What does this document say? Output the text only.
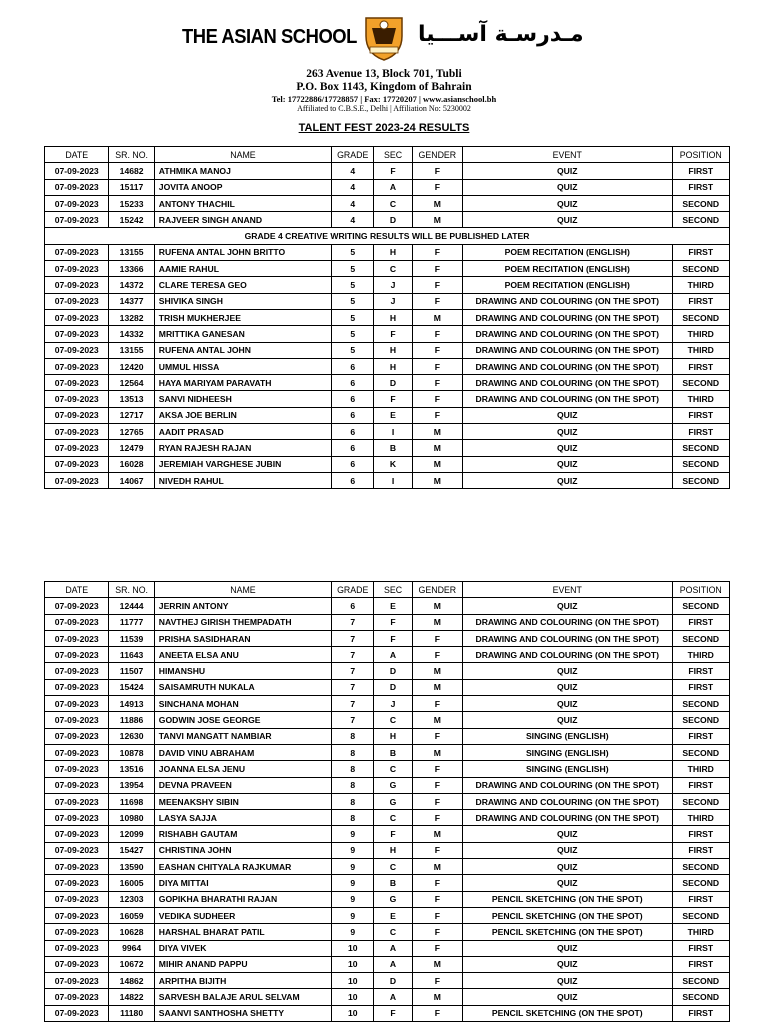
THE ASIAN SCHOOL	مـدرسـة آســـيا
263 Avenue 13, Block 701, Tubli
P.O. Box 1143, Kingdom of Bahrain
Tel: 17722886/17728857 | Fax: 17720207 | www.asianschool.bh
Affiliated to C.B.S.E., Delhi | Affiliation No: 5230002
TALENT FEST 2023-24 RESULTS
DATE	SR. NO.	NAME	GRADE	SEC	GENDER	EVENT	POSITION
07-09-2023	14682	ATHMIKA MANOJ	4	F	F	QUIZ	FIRST
07-09-2023	15117	JOVITA ANOOP	4	A	F	QUIZ	FIRST
07-09-2023	15233	ANTONY THACHIL	4	C	M	QUIZ	SECOND
07-09-2023	15242	RAJVEER SINGH ANAND	4	D	M	QUIZ	SECOND
GRADE 4 CREATIVE WRITING RESULTS WILL BE PUBLISHED LATER							
07-09-2023	13155	RUFENA ANTAL JOHN BRITTO	5	H	F	POEM RECITATION (ENGLISH)	FIRST
07-09-2023	13366	AAMIE RAHUL	5	C	F	POEM RECITATION (ENGLISH)	SECOND
07-09-2023	14372	CLARE TERESA GEO	5	J	F	POEM RECITATION (ENGLISH)	THIRD
07-09-2023	14377	SHIVIKA SINGH	5	J	F	DRAWING AND COLOURING (ON THE SPOT)	FIRST
07-09-2023	13282	TRISH MUKHERJEE	5	H	M	DRAWING AND COLOURING (ON THE SPOT)	SECOND
07-09-2023	14332	MRITTIKA GANESAN	5	F	F	DRAWING AND COLOURING (ON THE SPOT)	THIRD
07-09-2023	13155	RUFENA ANTAL JOHN	5	H	F	DRAWING AND COLOURING (ON THE SPOT)	THIRD
07-09-2023	12420	UMMUL HISSA	6	H	F	DRAWING AND COLOURING (ON THE SPOT)	FIRST
07-09-2023	12564	HAYA MARIYAM PARAVATH	6	D	F	DRAWING AND COLOURING (ON THE SPOT)	SECOND
07-09-2023	13513	SANVI NIDHEESH	6	F	F	DRAWING AND COLOURING (ON THE SPOT)	THIRD
07-09-2023	12717	AKSA JOE BERLIN	6	E	F	QUIZ	FIRST
07-09-2023	12765	AADIT PRASAD	6	I	M	QUIZ	FIRST
07-09-2023	12479	RYAN RAJESH RAJAN	6	B	M	QUIZ	SECOND
07-09-2023	16028	JEREMIAH VARGHESE JUBIN	6	K	M	QUIZ	SECOND
07-09-2023	14067	NIVEDH RAHUL	6	I	M	QUIZ	SECOND
DATE	SR. NO.	NAME	GRADE	SEC	GENDER	EVENT	POSITION
07-09-2023	12444	JERRIN ANTONY	6	E	M	QUIZ	SECOND
07-09-2023	11777	NAVTHEJ GIRISH THEMPADATH	7	F	M	DRAWING AND COLOURING (ON THE SPOT)	FIRST
07-09-2023	11539	PRISHA SASIDHARAN	7	F	F	DRAWING AND COLOURING (ON THE SPOT)	SECOND
07-09-2023	11643	ANEETA ELSA ANU	7	A	F	DRAWING AND COLOURING (ON THE SPOT)	THIRD
07-09-2023	11507	HIMANSHU	7	D	M	QUIZ	FIRST
07-09-2023	15424	SAISAMRUTH NUKALA	7	D	M	QUIZ	FIRST
07-09-2023	14913	SINCHANA MOHAN	7	J	F	QUIZ	SECOND
07-09-2023	11886	GODWIN JOSE GEORGE	7	C	M	QUIZ	SECOND
07-09-2023	12630	TANVI MANGATT NAMBIAR	8	H	F	SINGING (ENGLISH)	FIRST
07-09-2023	10878	DAVID VINU ABRAHAM	8	B	M	SINGING (ENGLISH)	SECOND
07-09-2023	13516	JOANNA ELSA JENU	8	C	F	SINGING (ENGLISH)	THIRD
07-09-2023	13954	DEVNA PRAVEEN	8	G	F	DRAWING AND COLOURING (ON THE SPOT)	FIRST
07-09-2023	11698	MEENAKSHY SIBIN	8	G	F	DRAWING AND COLOURING (ON THE SPOT)	SECOND
07-09-2023	10980	LASYA SAJJA	8	C	F	DRAWING AND COLOURING (ON THE SPOT)	THIRD
07-09-2023	12099	RISHABH GAUTAM	9	F	M	QUIZ	FIRST
07-09-2023	15427	CHRISTINA JOHN	9	H	F	QUIZ	FIRST
07-09-2023	13590	EASHAN CHITYALA RAJKUMAR	9	C	M	QUIZ	SECOND
07-09-2023	16005	DIYA MITTAI	9	B	F	QUIZ	SECOND
07-09-2023	12303	GOPIKHA BHARATHI RAJAN	9	G	F	PENCIL SKETCHING (ON THE SPOT)	FIRST
07-09-2023	16059	VEDIKA SUDHEER	9	E	F	PENCIL SKETCHING (ON THE SPOT)	SECOND
07-09-2023	10628	HARSHAL BHARAT PATIL	9	C	F	PENCIL SKETCHING (ON THE SPOT)	THIRD
07-09-2023	9964	DIYA VIVEK	10	A	F	QUIZ	FIRST
07-09-2023	10672	MIHIR ANAND PAPPU	10	A	M	QUIZ	FIRST
07-09-2023	14862	ARPITHA BIJITH	10	D	F	QUIZ	SECOND
07-09-2023	14822	SARVESH BALAJE ARUL SELVAM	10	A	M	QUIZ	SECOND
07-09-2023	11180	SAANVI SANTHOSHA SHETTY	10	F	F	PENCIL SKETCHING (ON THE SPOT)	FIRST
